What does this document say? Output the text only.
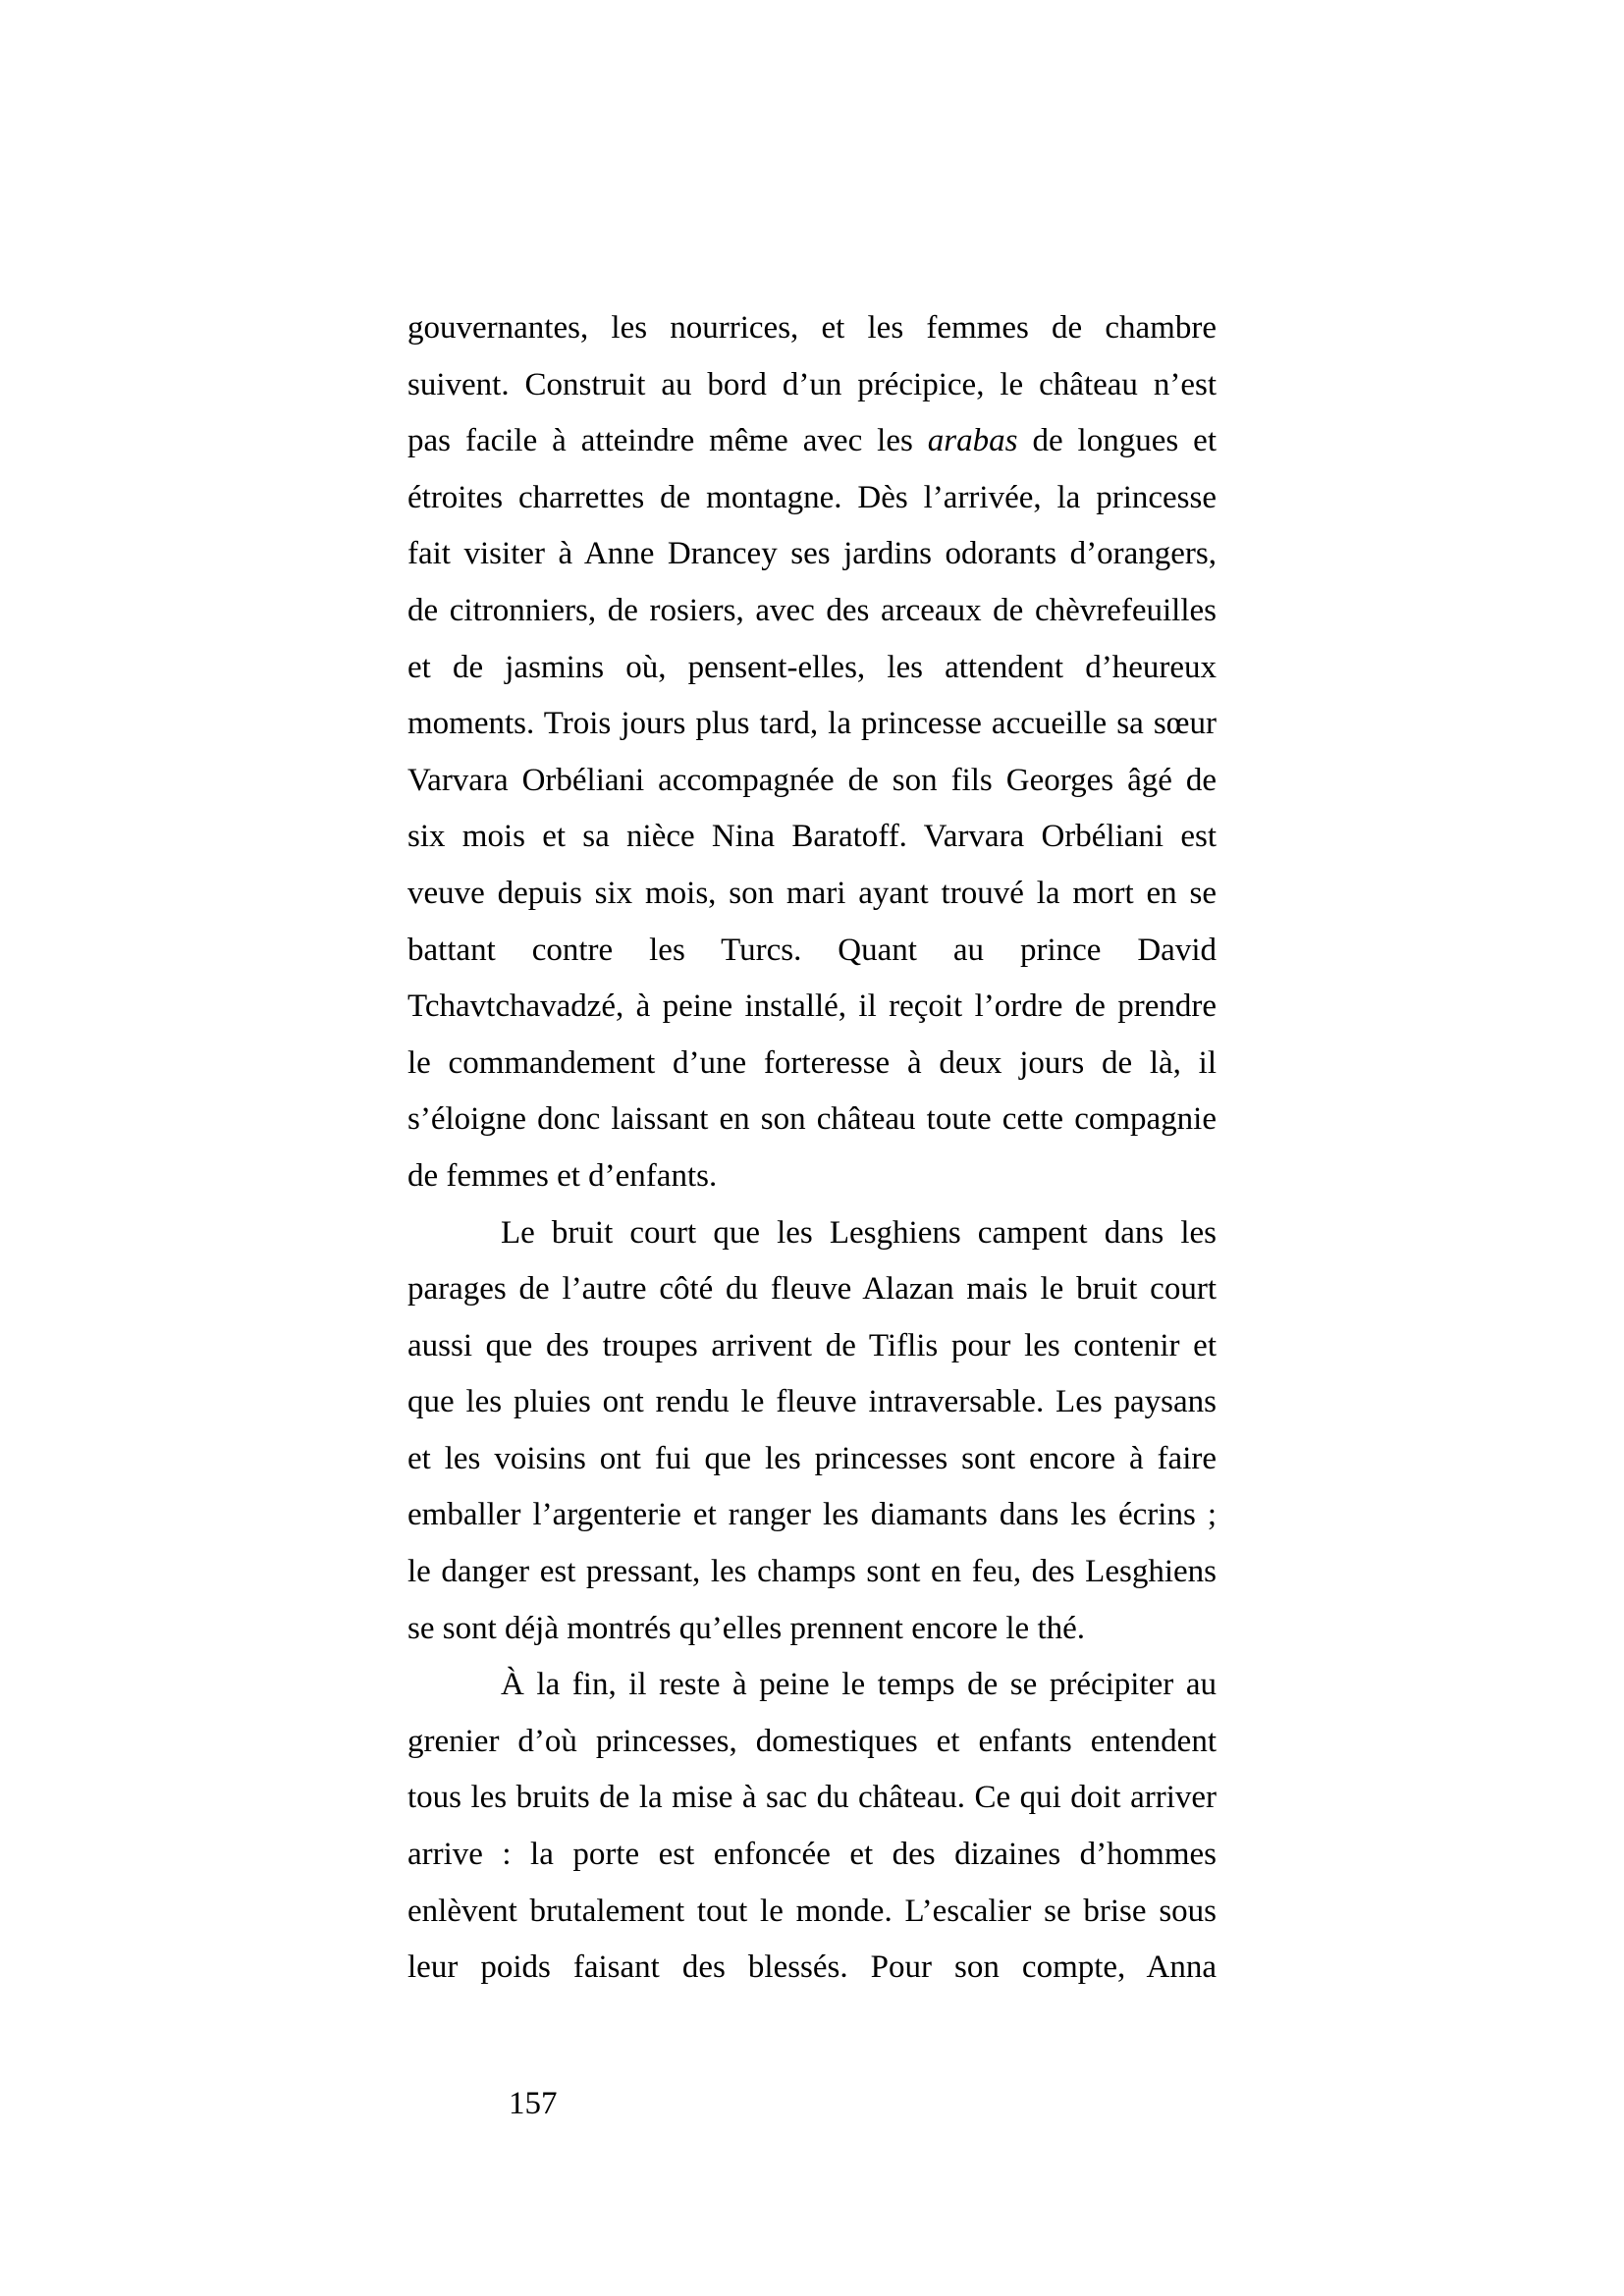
gouvernantes, les nourrices, et les femmes de chambre
suivent. Construit au bord d’un précipice, le château n’est
pas facile à atteindre même avec les arabas de longues et
étroites charrettes de montagne. Dès l’arrivée, la princesse
fait visiter à Anne Drancey ses jardins odorants d’orangers,
de citronniers, de rosiers, avec des arceaux de chèvrefeuilles
et de jasmins où, pensent-elles, les attendent d’heureux
moments. Trois jours plus tard, la princesse accueille sa sœur
Varvara Orbéliani accompagnée de son fils Georges âgé de
six mois et sa nièce Nina Baratoff. Varvara Orbéliani est
veuve depuis six mois, son mari ayant trouvé la mort en se
battant contre les Turcs. Quant au prince David
Tchavtchavadzé, à peine installé, il reçoit l’ordre de prendre
le commandement d’une forteresse à deux jours de là, il
s’éloigne donc laissant en son château toute cette compagnie
de femmes et d’enfants.
Le bruit court que les Lesghiens campent dans les
parages de l’autre côté du fleuve Alazan mais le bruit court
aussi que des troupes arrivent de Tiflis pour les contenir et
que les pluies ont rendu le fleuve intraversable. Les paysans
et les voisins ont fui que les princesses sont encore à faire
emballer l’argenterie et ranger les diamants dans les écrins ;
le danger est pressant, les champs sont en feu, des Lesghiens
se sont déjà montrés qu’elles prennent encore le thé.
À la fin, il reste à peine le temps de se précipiter au
grenier d’où princesses, domestiques et enfants entendent
tous les bruits de la mise à sac du château. Ce qui doit arriver
arrive : la porte est enfoncée et des dizaines d’hommes
enlèvent brutalement tout le monde. L’escalier se brise sous
leur poids faisant des blessés. Pour son compte, Anna
157
